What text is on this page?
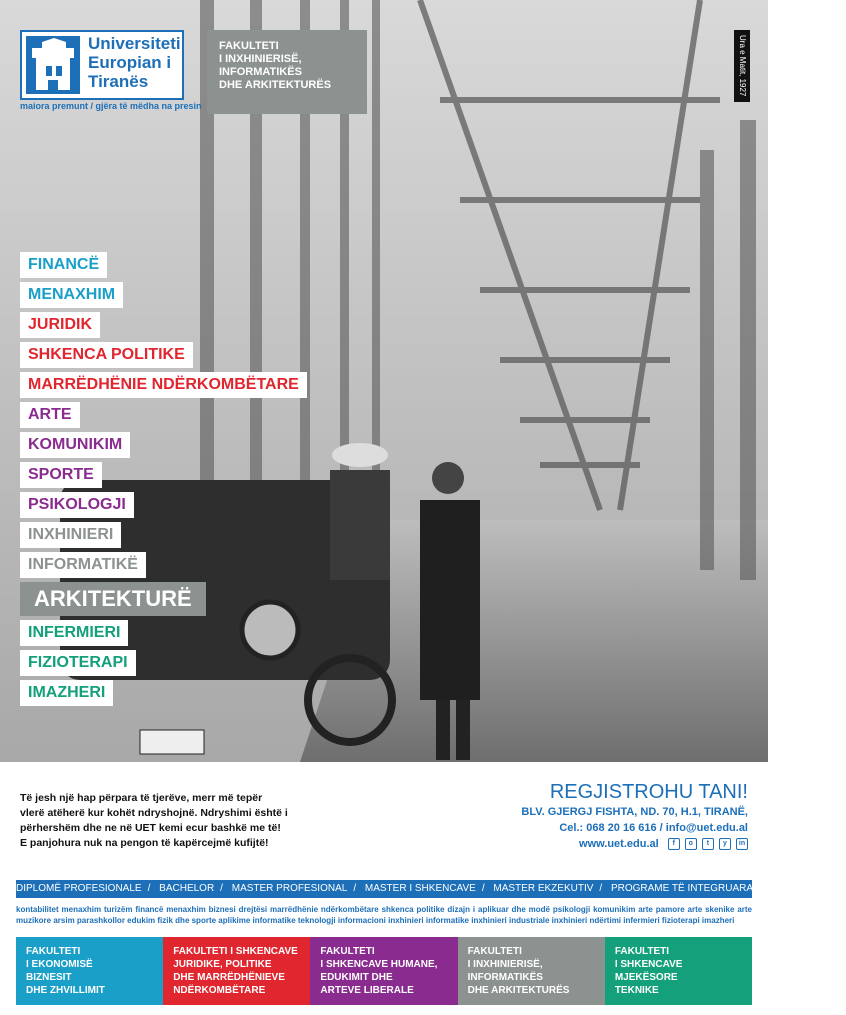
Universiteti
Europian i
Tiranës
maiora premunt / gjëra të mëdha na presin
FAKULTETI
I INXHINIERISË,
INFORMATIKËS
DHE ARKITEKTURËS	Ura e Matit, 1927
FINANCË
MENAXHIM
JURIDIK
SHKENCA POLITIKE
MARRËDHËNIE NDËRKOMBËTARE
ARTE
KOMUNIKIM
SPORTE
PSIKOLOGJI
INXHINIERI
INFORMATIKË
ARKITEKTURË
INFERMIERI
FIZIOTERAPI
IMAZHERI
Të jesh një hap përpara të tjerëve, merr më tepër
vlerë atëherë kur kohët ndryshojnë. Ndryshimi është i
përhershëm dhe ne në UET kemi ecur bashkë me të!
E panjohura nuk na pengon të kapërcejmë kufijtë!
REGJISTROHU TANI!
BLV. GJERGJ FISHTA, ND. 70, H.1, TIRANË,
Cel.: 068 20 16 616 / info@uet.edu.al
www.uet.edu.al f o t y in
DIPLOMË PROFESIONALE / BACHELOR / MASTER PROFESIONAL / MASTER I SHKENCAVE / MASTER EKZEKUTIV / PROGRAME TË INTEGRUARA / DOKTORATURË
kontabilitet menaxhim turizëm financë menaxhim biznesi drejtësi marrëdhënie ndërkombëtare shkenca politike dizajn i aplikuar dhe modë psikologji komunikim arte pamore arte skenike arte muzikore arsim parashkollor edukim fizik dhe sporte aplikime informatike teknologji informacioni inxhinieri informatike inxhinieri industriale inxhinieri ndërtimi infermieri fizioterapi imazheri
FAKULTETI
I EKONOMISË
BIZNESIT
DHE ZHVILLIMIT
FAKULTETI I SHKENCAVE
JURIDIKE, POLITIKE
DHE MARRËDHËNIEVE
NDËRKOMBËTARE
FAKULTETI
I SHKENCAVE HUMANE,
EDUKIMIT DHE
ARTEVE LIBERALE
FAKULTETI
I INXHINIERISË,
INFORMATIKËS
DHE ARKITEKTURËS
FAKULTETI
I SHKENCAVE
MJEKËSORE
TEKNIKE
